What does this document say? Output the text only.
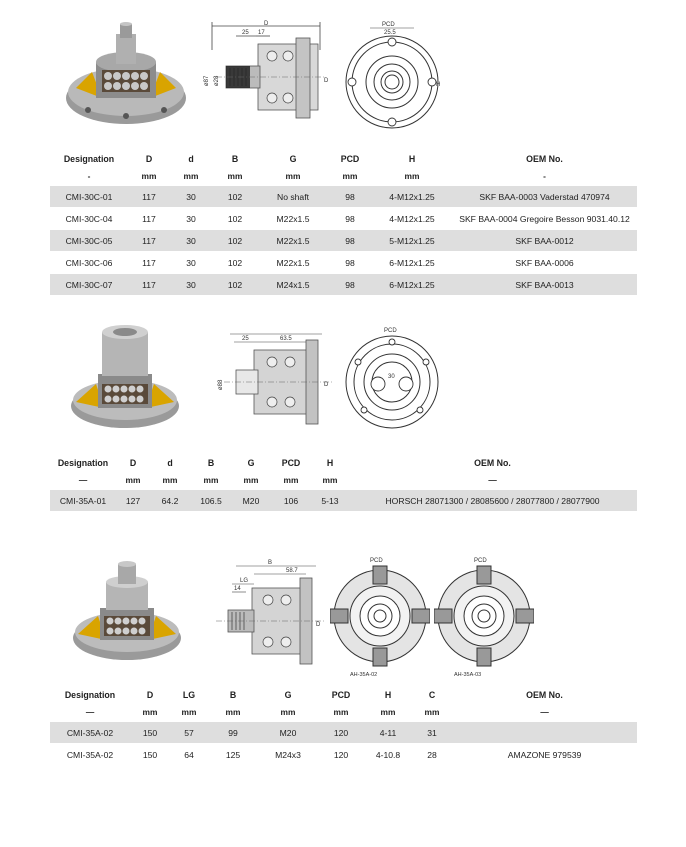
D
25 17
ø87 ø28	D
PCD
25.5
H
Designation	D	d	B	G	PCD	H	OEM No.
-	mm	mm	mm	mm	mm	mm	-
CMI-30C-01	117	30	102	No shaft	98	4-M12x1.25	SKF BAA-0003 Vaderstad 470974
CMI-30C-04	117	30	102	M22x1.5	98	4-M12x1.25	SKF BAA-0004 Gregoire Besson 9031.40.12
CMI-30C-05	117	30	102	M22x1.5	98	5-M12x1.25	SKF BAA-0012
CMI-30C-06	117	30	102	M22x1.5	98	6-M12x1.25	SKF BAA-0006
CMI-30C-07	117	30	102	M24x1.5	98	6-M12x1.25	SKF BAA-0013
25	63.5
ø88	D
PCD
30
Designation	D	d	B	G	PCD	H	OEM No.
—	mm	mm	mm	mm	mm	mm	—
CMI-35A-01	127	64.2	106.5	M20	106	5-13	HORSCH 28071300 / 28085600 / 28077800 / 28077900
B
58.7
LG
14
D
PCD
AH-35A-02
PCD
AH-35A-03
Designation	D	LG	B	G	PCD	H	C	OEM No.
—	mm	mm	mm	mm	mm	mm	mm	—
CMI-35A-02	150	57	99	M20	120	4-11	31	
CMI-35A-02	150	64	125	M24x3	120	4-10.8	28	AMAZONE 979539
